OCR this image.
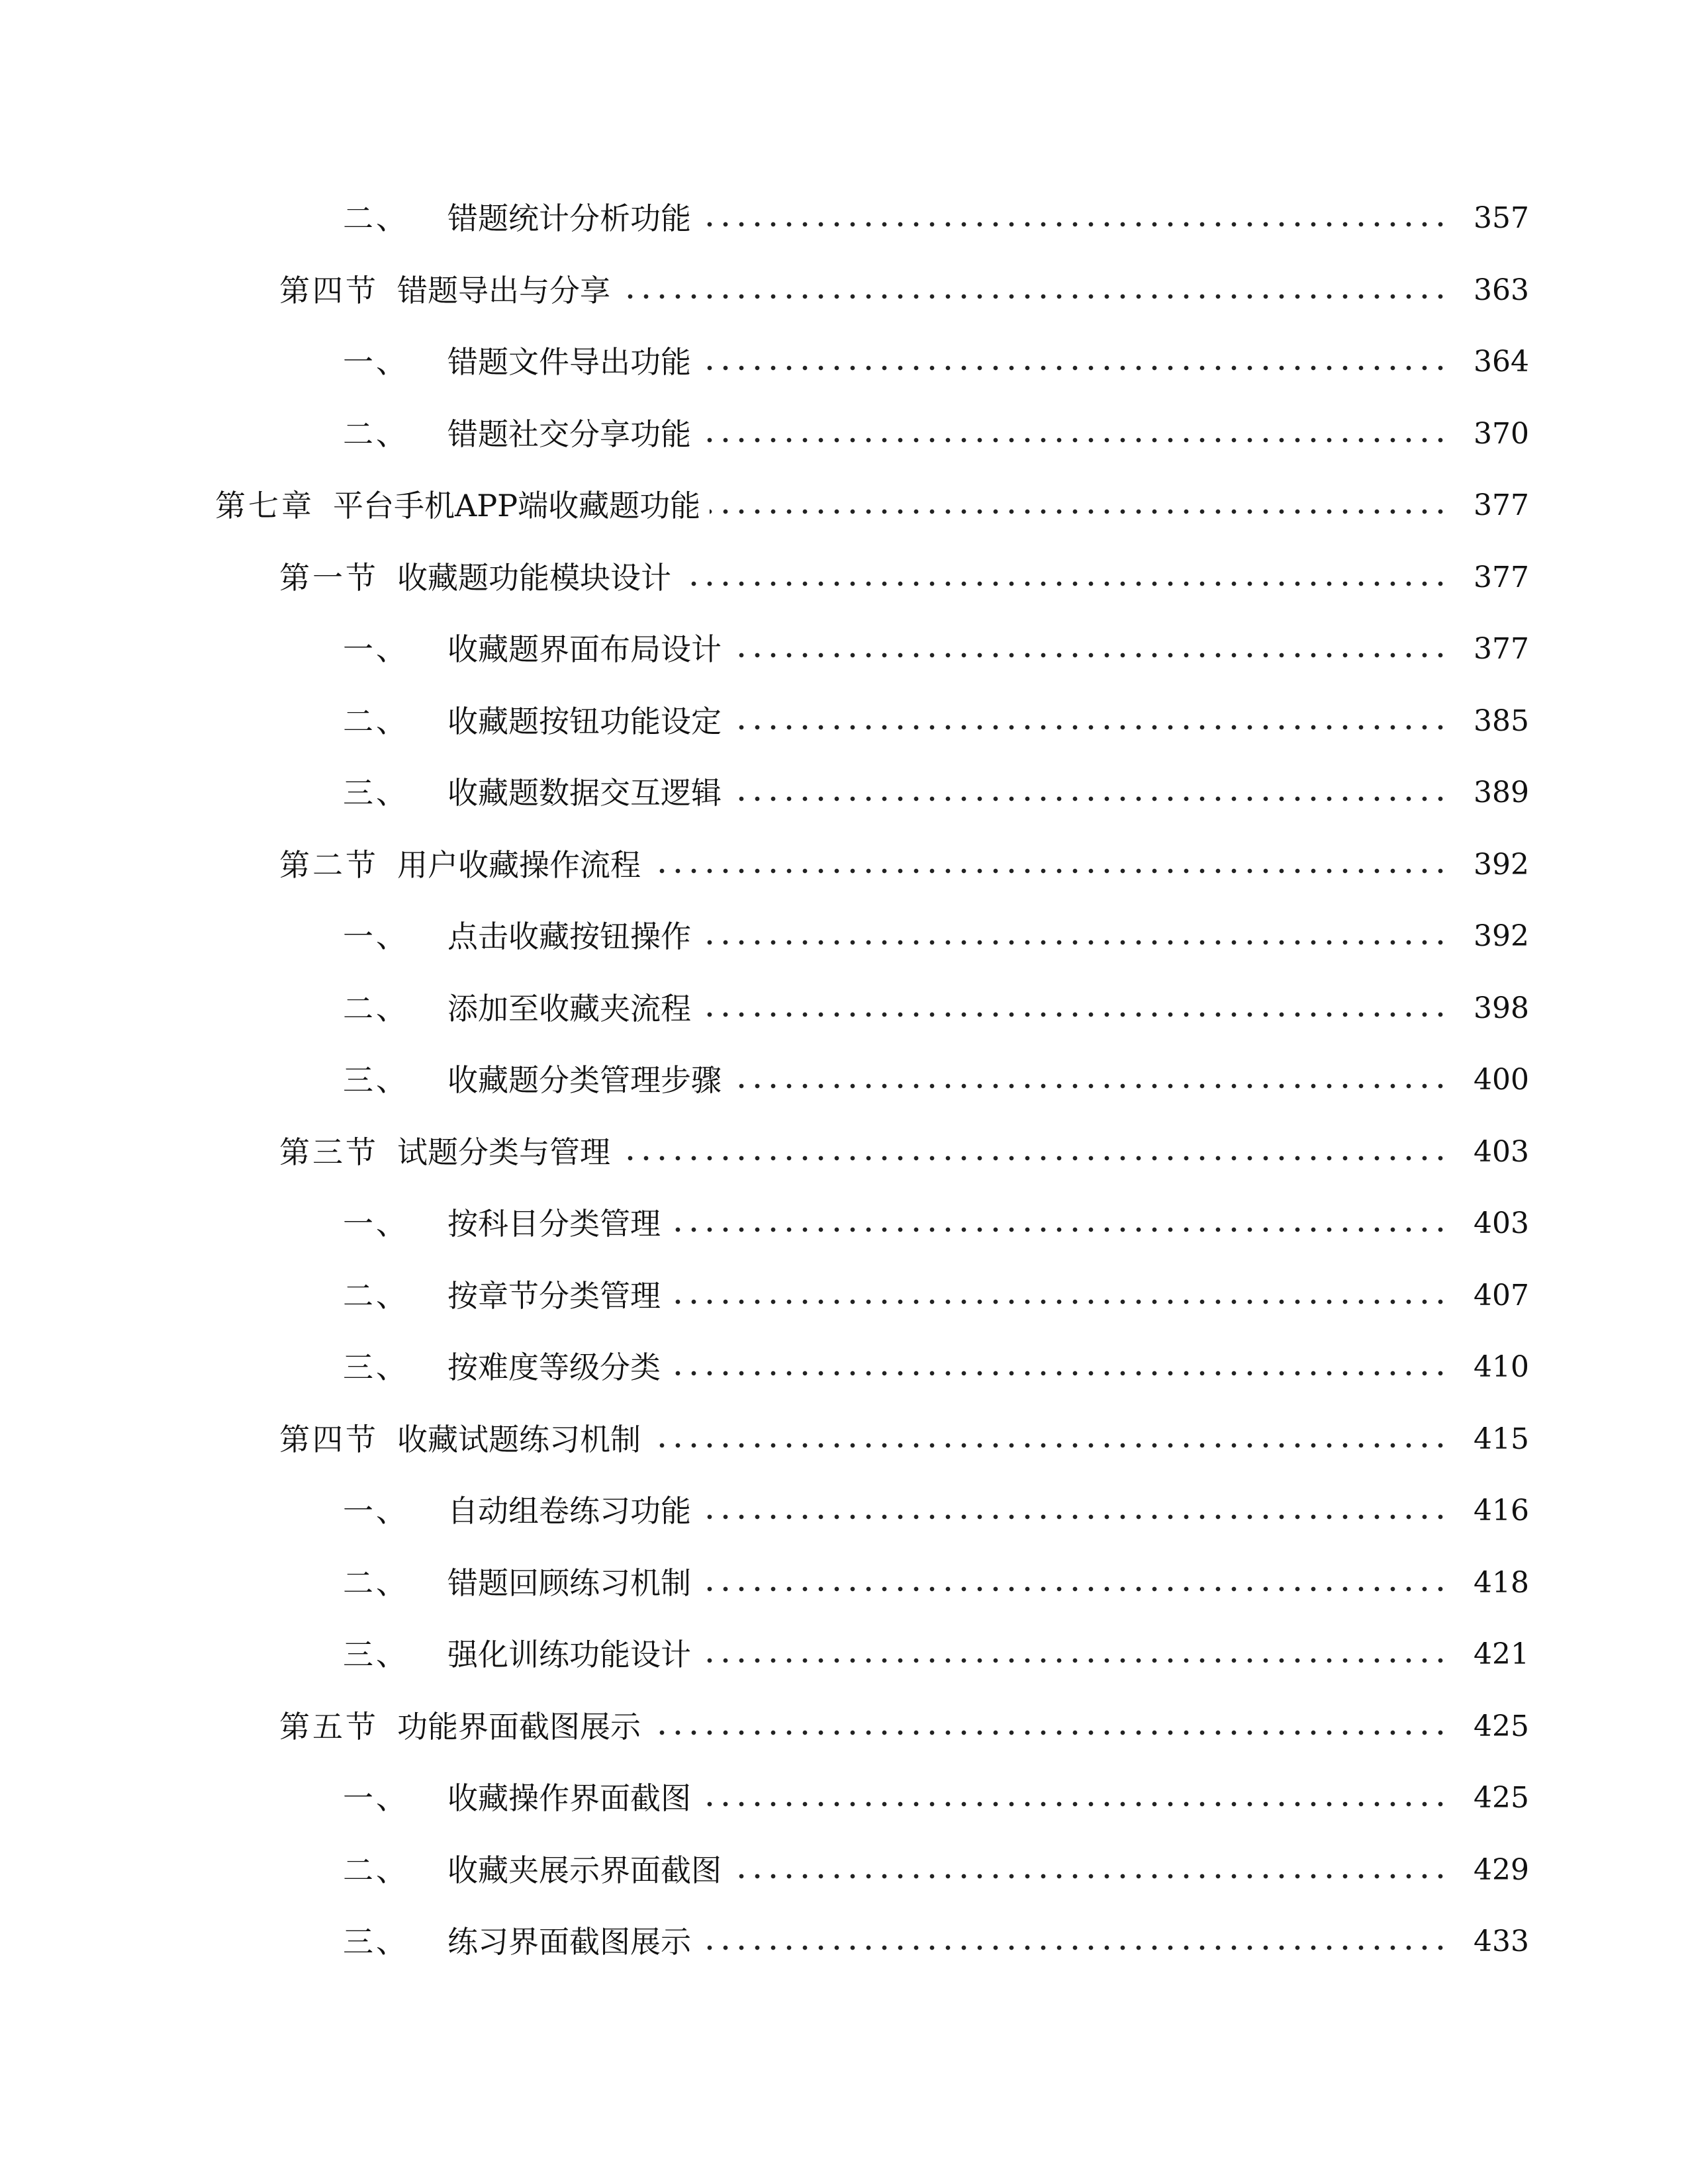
二、 错题统计分析功能	357
第四节 错题导出与分享	363
一、 错题文件导出功能	364
二、 错题社交分享功能	370
第七章 平台手机APP端收藏题功能	377
第一节 收藏题功能模块设计	377
一、 收藏题界面布局设计	377
二、 收藏题按钮功能设定	385
三、 收藏题数据交互逻辑	389
第二节 用户收藏操作流程	392
一、 点击收藏按钮操作	392
二、 添加至收藏夹流程	398
三、 收藏题分类管理步骤	400
第三节 试题分类与管理	403
一、 按科目分类管理	403
二、 按章节分类管理	407
三、 按难度等级分类	410
第四节 收藏试题练习机制	415
一、 自动组卷练习功能	416
二、 错题回顾练习机制	418
三、 强化训练功能设计	421
第五节 功能界面截图展示	425
一、 收藏操作界面截图	425
二、 收藏夹展示界面截图	429
三、 练习界面截图展示	433
